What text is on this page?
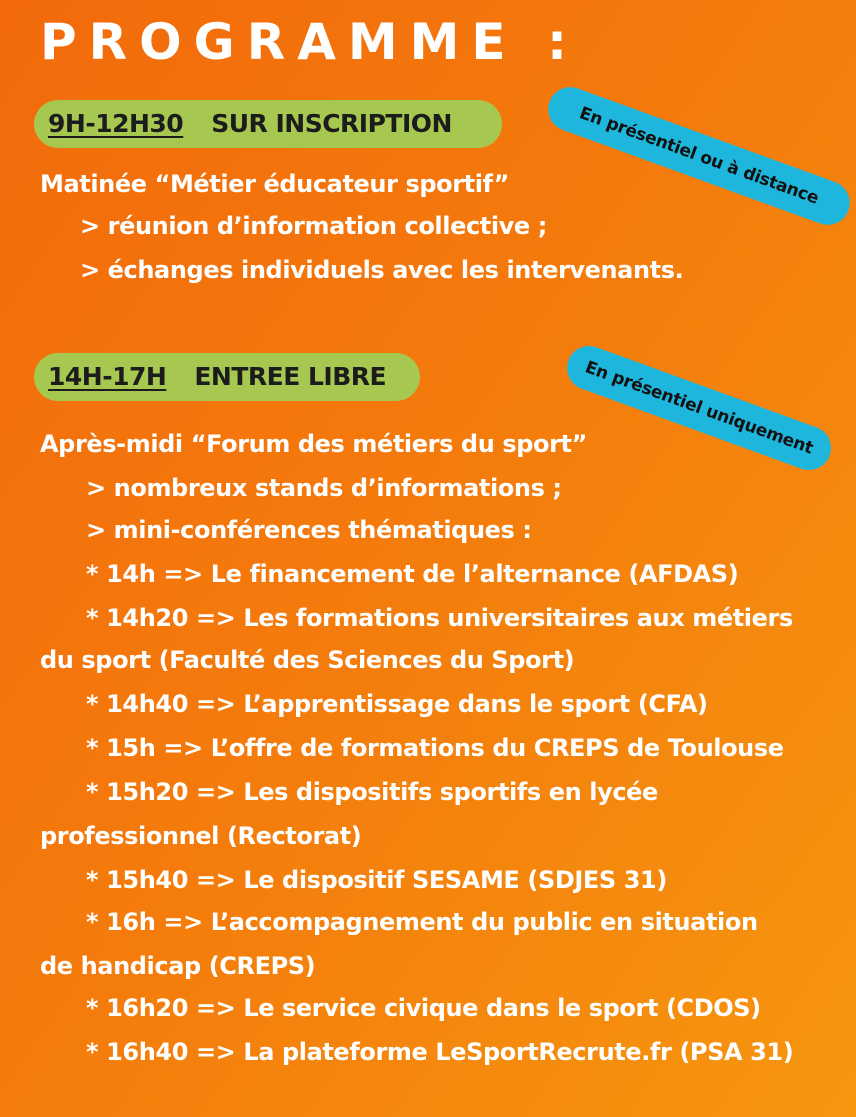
PROGRAMME :
9H-12H30 SUR INSCRIPTION	En présentiel ou à distance
Matinée “Métier éducateur sportif”
> réunion d’information collective ;
> échanges individuels avec les intervenants.
14H-17H ENTREE LIBRE	En présentiel uniquement
Après-midi “Forum des métiers du sport”
> nombreux stands d’informations ;
> mini-conférences thématiques :
* 14h => Le financement de l’alternance (AFDAS)
* 14h20 => Les formations universitaires aux métiers
du sport (Faculté des Sciences du Sport)
* 14h40 => L’apprentissage dans le sport (CFA)
* 15h => L’offre de formations du CREPS de Toulouse
* 15h20 => Les dispositifs sportifs en lycée
professionnel (Rectorat)
* 15h40 => Le dispositif SESAME (SDJES 31)
* 16h => L’accompagnement du public en situation
de handicap (CREPS)
* 16h20 => Le service civique dans le sport (CDOS)
* 16h40 => La plateforme LeSportRecrute.fr (PSA 31)
